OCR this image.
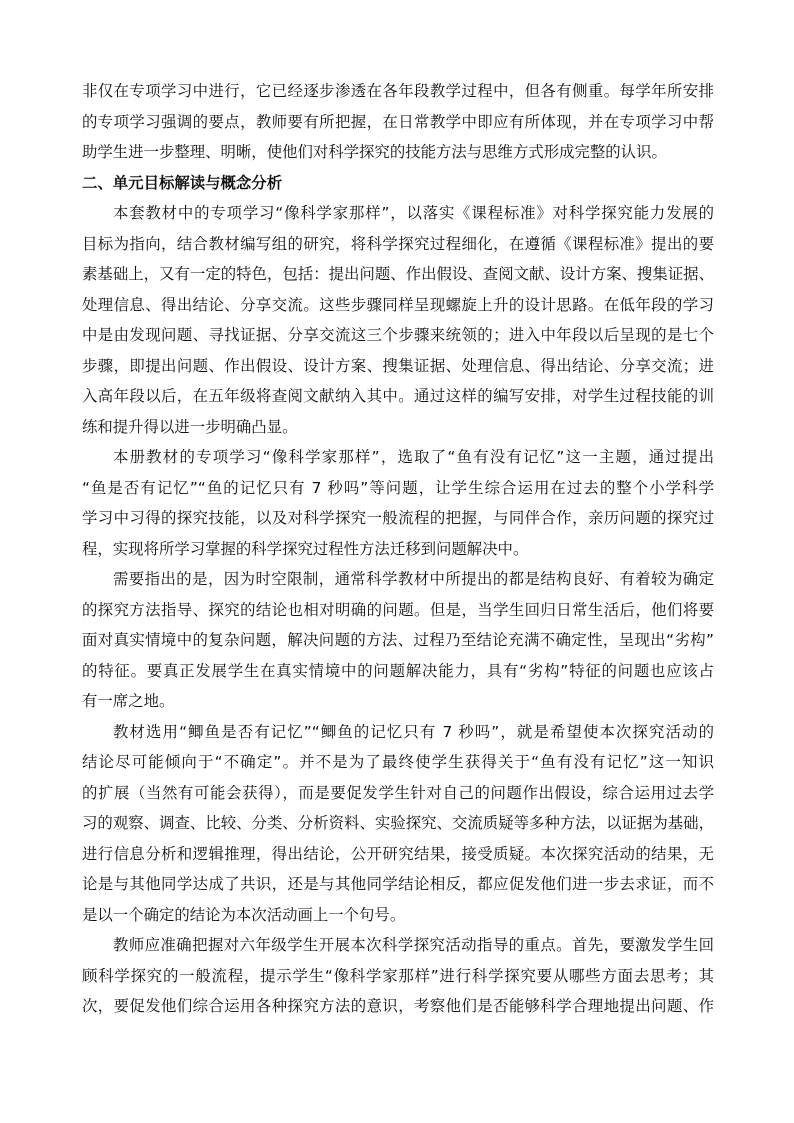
非仅在专项学习中进行，它已经逐步渗透在各年段教学过程中，但各有侧重。每学年所安排
的专项学习强调的要点，教师要有所把握，在日常教学中即应有所体现，并在专项学习中帮
助学生进一步整理、明晰，使他们对科学探究的技能方法与思维方式形成完整的认识。
二、单元目标解读与概念分析
本套教材中的专项学习“像科学家那样”，以落实《课程标准》对科学探究能力发展的
目标为指向，结合教材编写组的研究，将科学探究过程细化，在遵循《课程标准》提出的要
素基础上，又有一定的特色，包括：提出问题、作出假设、查阅文献、设计方案、搜集证据、
处理信息、得出结论、分享交流。这些步骤同样呈现螺旋上升的设计思路。在低年段的学习
中是由发现问题、寻找证据、分享交流这三个步骤来统领的；进入中年段以后呈现的是七个
步骤，即提出问题、作出假设、设计方案、搜集证据、处理信息、得出结论、分享交流；进
入高年段以后，在五年级将查阅文献纳入其中。通过这样的编写安排，对学生过程技能的训
练和提升得以进一步明确凸显。
本册教材的专项学习“像科学家那样”，选取了“鱼有没有记忆”这一主题，通过提出
“鱼是否有记忆”“鱼的记忆只有 7 秒吗”等问题，让学生综合运用在过去的整个小学科学
学习中习得的探究技能，以及对科学探究一般流程的把握，与同伴合作，亲历问题的探究过
程，实现将所学习掌握的科学探究过程性方法迁移到问题解决中。
需要指出的是，因为时空限制，通常科学教材中所提出的都是结构良好、有着较为确定
的探究方法指导、探究的结论也相对明确的问题。但是，当学生回归日常生活后，他们将要
面对真实情境中的复杂问题，解决问题的方法、过程乃至结论充满不确定性，呈现出“劣构”
的特征。要真正发展学生在真实情境中的问题解决能力，具有“劣构”特征的问题也应该占
有一席之地。
教材选用“鲫鱼是否有记忆”“鲫鱼的记忆只有 7 秒吗”，就是希望使本次探究活动的
结论尽可能倾向于“不确定”。并不是为了最终使学生获得关于“鱼有没有记忆”这一知识
的扩展（当然有可能会获得），而是要促发学生针对自己的问题作出假设，综合运用过去学
习的观察、调查、比较、分类、分析资料、实验探究、交流质疑等多种方法，以证据为基础，
进行信息分析和逻辑推理，得出结论，公开研究结果，接受质疑。本次探究活动的结果，无
论是与其他同学达成了共识，还是与其他同学结论相反，都应促发他们进一步去求证，而不
是以一个确定的结论为本次活动画上一个句号。
教师应准确把握对六年级学生开展本次科学探究活动指导的重点。首先，要激发学生回
顾科学探究的一般流程，提示学生“像科学家那样”进行科学探究要从哪些方面去思考；其
次，要促发他们综合运用各种探究方法的意识，考察他们是否能够科学合理地提出问题、作
